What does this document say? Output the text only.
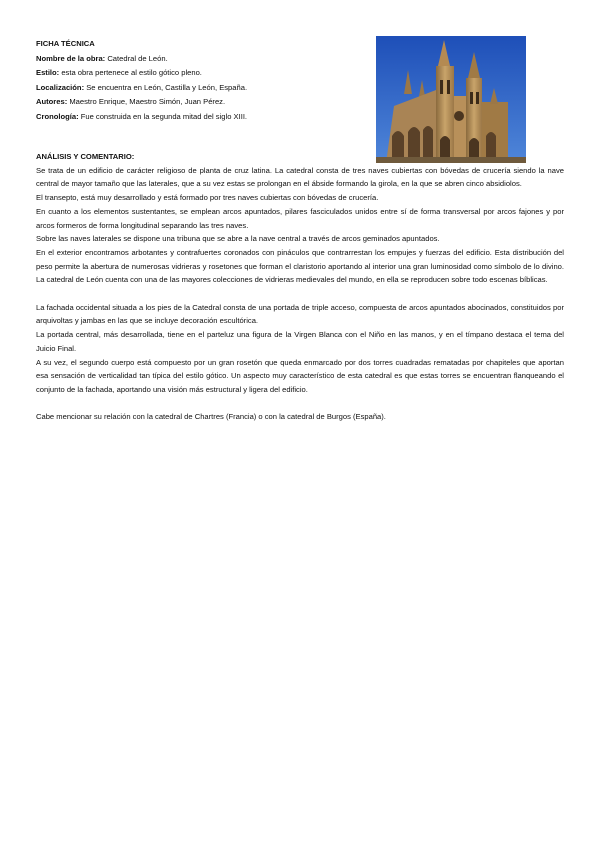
FICHA TÉCNICA
Nombre de la obra: Catedral de León.
Estilo: esta obra pertenece al estilo gótico pleno.
Localización: Se encuentra en León, Castilla y León, España.
Autores: Maestro Enrique, Maestro Simón, Juan Pérez.
Cronología: Fue construida en la segunda mitad del siglo XIII.
ANÁLISIS Y COMENTARIO:

Se trata de un edificio de carácter religioso de planta de cruz latina. La catedral consta de tres naves cubiertas con bóvedas de crucería siendo la nave central de mayor tamaño que las laterales, que a su vez estas se prolongan en el ábside formando la girola, en la que se abren cinco absidiolos.

El transepto, está muy desarrollado y está formado por tres naves cubiertas con bóvedas de crucería.

En cuanto a los elementos sustentantes, se emplean arcos apuntados, pilares fasciculados unidos entre sí de forma transversal por arcos fajones y por arcos formeros de forma longitudinal separando las tres naves.

Sobre las naves laterales se dispone una tribuna que se abre a la nave central a través de arcos geminados apuntados.

En el exterior encontramos arbotantes y contrafuertes coronados con pináculos que contrarrestan los empujes y fuerzas del edificio. Esta distribución del peso permite la abertura de numerosas vidrieras y rosetones que forman el claristorio aportando al interior una gran luminosidad como símbolo de lo divino. La catedral de León cuenta con una de las mayores colecciones de vidrieras medievales del mundo, en ella se reproducen sobre todo escenas bíblicas.

La fachada occidental situada a los pies de la Catedral consta de una portada de triple acceso, compuesta de arcos apuntados abocinados, constituidos por arquivoltas y jambas en las que se incluye decoración escultórica.

La portada central, más desarrollada, tiene en el parteluz una figura de la Virgen Blanca con el Niño en las manos, y en el tímpano destaca el tema del Juicio Final.

A su vez, el segundo cuerpo está compuesto por un gran rosetón que queda enmarcado por dos torres cuadradas rematadas por chapiteles que aportan esa sensación de verticalidad tan típica del estilo gótico. Un aspecto muy característico de esta catedral es que estas torres se encuentran flanqueando el conjunto de la fachada, aportando una visión más estructural y ligera del edificio.

Cabe mencionar su relación con la catedral de Chartres (Francia) o con la catedral de Burgos (España).
